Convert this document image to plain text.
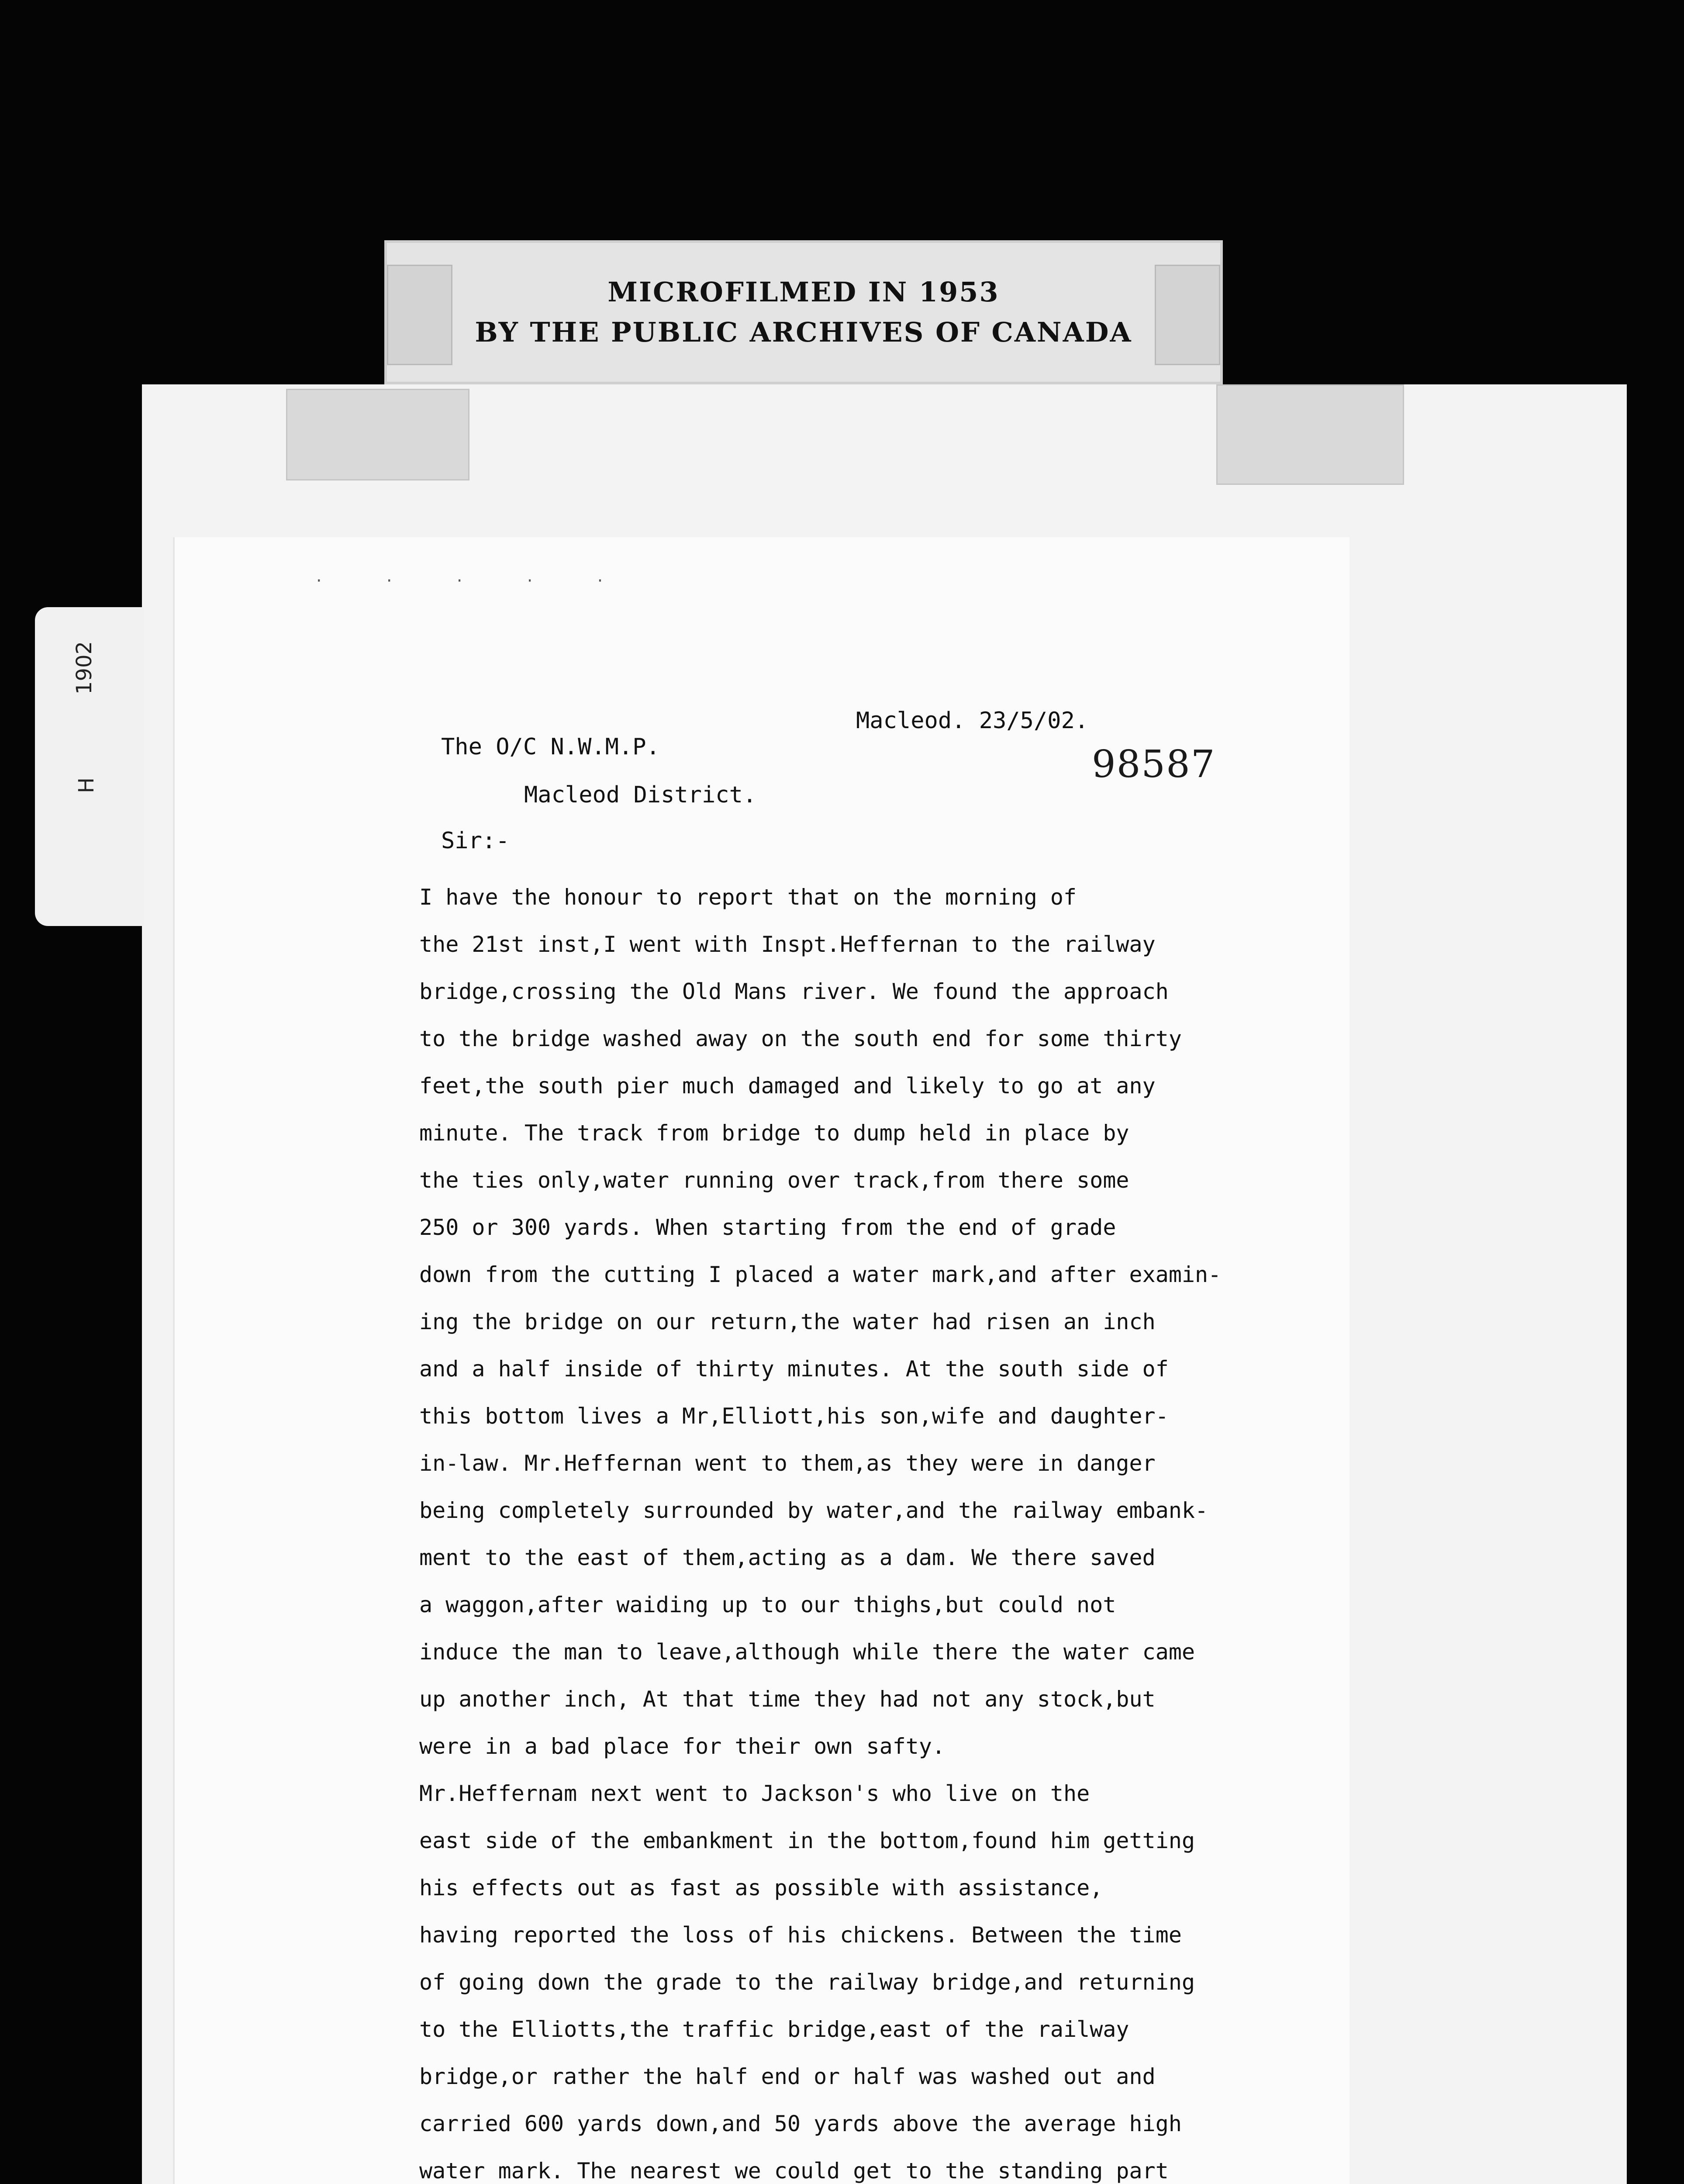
MICROFILMED IN 1953
BY THE PUBLIC ARCHIVES OF CANADA
1902
H
· · · · ·
Macleod. 23/5/02.
98587
The O/C N.W.M.P.
Macleod District.
Sir:-
I have the honour to report that on the morning of
the 21st inst,I went with Inspt.Heffernan to the railway
bridge,crossing the Old Mans river. We found the approach
to the bridge washed away on the south end for some thirty
feet,the south pier much damaged and likely to go at any
minute. The track from bridge to dump held in place by
the ties only,water running over track,from there some
250 or 300 yards. When starting from the end of grade
down from the cutting I placed a water mark,and after examin-
ing the bridge on our return,the water had risen an inch
and a half inside of thirty minutes. At the south side of
this bottom lives a Mr,Elliott,his son,wife and daughter-
in-law. Mr.Heffernan went to them,as they were in danger
being completely surrounded by water,and the railway embank-
ment to the east of them,acting as a dam. We there saved
a waggon,after waiding up to our thighs,but could not
induce the man to leave,although while there the water came
up another inch, At that time they had not any stock,but
were in a bad place for their own safty.
Mr.Heffernam next went to Jackson's who live on the
east side of the embankment in the bottom,found him getting
his effects out as fast as possible with assistance,
having reported the loss of his chickens. Between the time
of going down the grade to the railway bridge,and returning
to the Elliotts,the traffic bridge,east of the railway
bridge,or rather the half end or half was washed out and
carried 600 yards down,and 50 yards above the average high
water mark. The nearest we could get to the standing part
